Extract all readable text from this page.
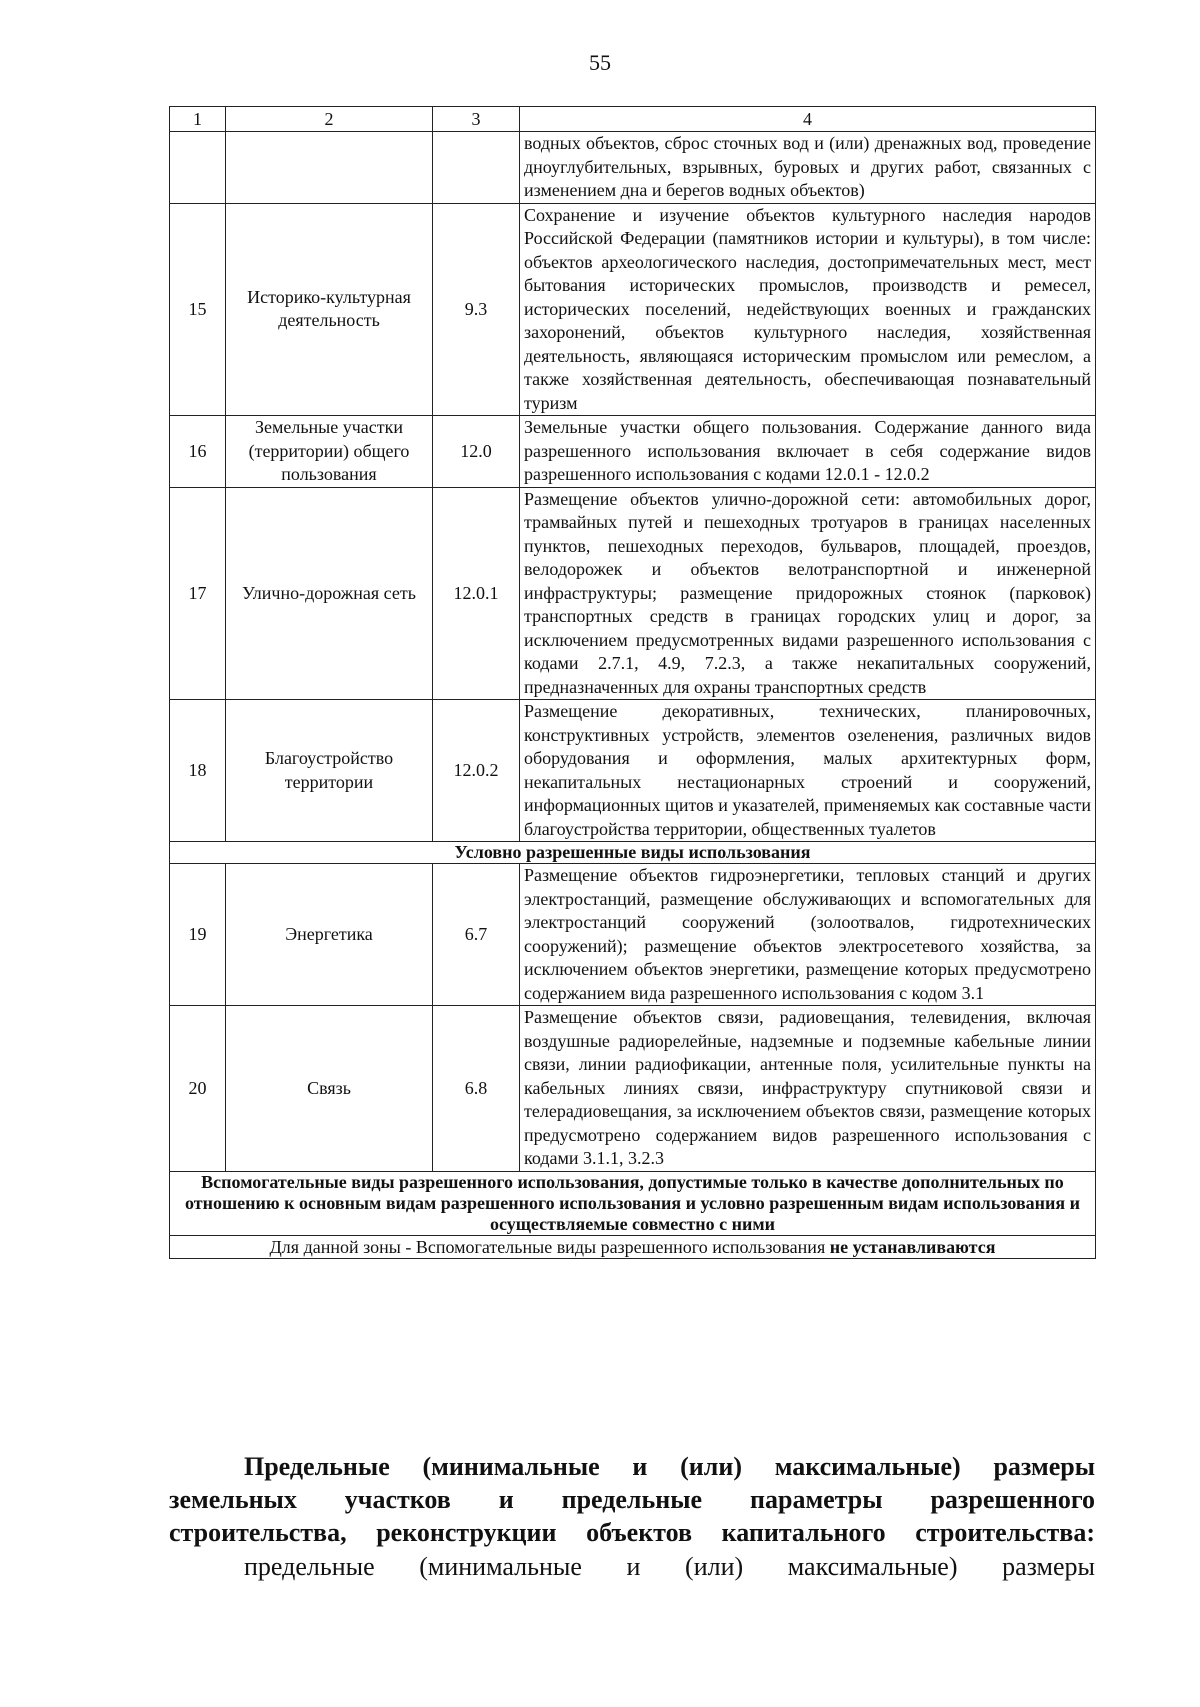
55
1	2	3	4
			водных объектов, сброс сточных вод и (или) дренажных вод, проведение дноуглубительных, взрывных, буровых и других работ, связанных с изменением дна и берегов водных объектов)
15	Историко-культурная деятельность	9.3	Сохранение и изучение объектов культурного наследия народов Российской Федерации (памятников истории и культуры), в том числе: объектов археологического наследия, достопримечательных мест, мест бытования исторических промыслов, производств и ремесел, исторических поселений, недействующих военных и гражданских захоронений, объектов культурного наследия, хозяйственная деятельность, являющаяся историческим промыслом или ремеслом, а также хозяйственная деятельность, обеспечивающая познавательный туризм
16	Земельные участки (территории) общего пользования	12.0	Земельные участки общего пользования. Содержание данного вида разрешенного использования включает в себя содержание видов разрешенного использования с кодами 12.0.1 - 12.0.2
17	Улично-дорожная сеть	12.0.1	Размещение объектов улично-дорожной сети: автомобильных дорог, трамвайных путей и пешеходных тротуаров в границах населенных пунктов, пешеходных переходов, бульваров, площадей, проездов, велодорожек и объектов велотранспортной и инженерной инфраструктуры; размещение придорожных стоянок (парковок) транспортных средств в границах городских улиц и дорог, за исключением предусмотренных видами разрешенного использования с кодами 2.7.1, 4.9, 7.2.3, а также некапитальных сооружений, предназначенных для охраны транспортных средств
18	Благоустройство территории	12.0.2	Размещение декоративных, технических, планировочных, конструктивных устройств, элементов озеленения, различных видов оборудования и оформления, малых архитектурных форм, некапитальных нестационарных строений и сооружений, информационных щитов и указателей, применяемых как составные части благоустройства территории, общественных туалетов
Условно разрешенные виды использования			
19	Энергетика	6.7	Размещение объектов гидроэнергетики, тепловых станций и других электростанций, размещение обслуживающих и вспомогательных для электростанций сооружений (золоотвалов, гидротехнических сооружений); размещение объектов электросетевого хозяйства, за исключением объектов энергетики, размещение которых предусмотрено содержанием вида разрешенного использования с кодом 3.1
20	Связь	6.8	Размещение объектов связи, радиовещания, телевидения, включая воздушные радиорелейные, надземные и подземные кабельные линии связи, линии радиофикации, антенные поля, усилительные пункты на кабельных линиях связи, инфраструктуру спутниковой связи и телерадиовещания, за исключением объектов связи, размещение которых предусмотрено содержанием видов разрешенного использования с кодами 3.1.1, 3.2.3
Вспомогательные виды разрешенного использования, допустимые только в качестве дополнительных по отношению к основным видам разрешенного использования и условно разрешенным видам использования и осуществляемые совместно с ними			
Для данной зоны - Вспомогательные виды разрешенного использования не устанавливаются			
Предельные (минимальные и (или) максимальные) размеры
земельных участков и предельные параметры разрешенного
строительства, реконструкции объектов капитального строительства:
предельные (минимальные и (или) максимальные) размеры
